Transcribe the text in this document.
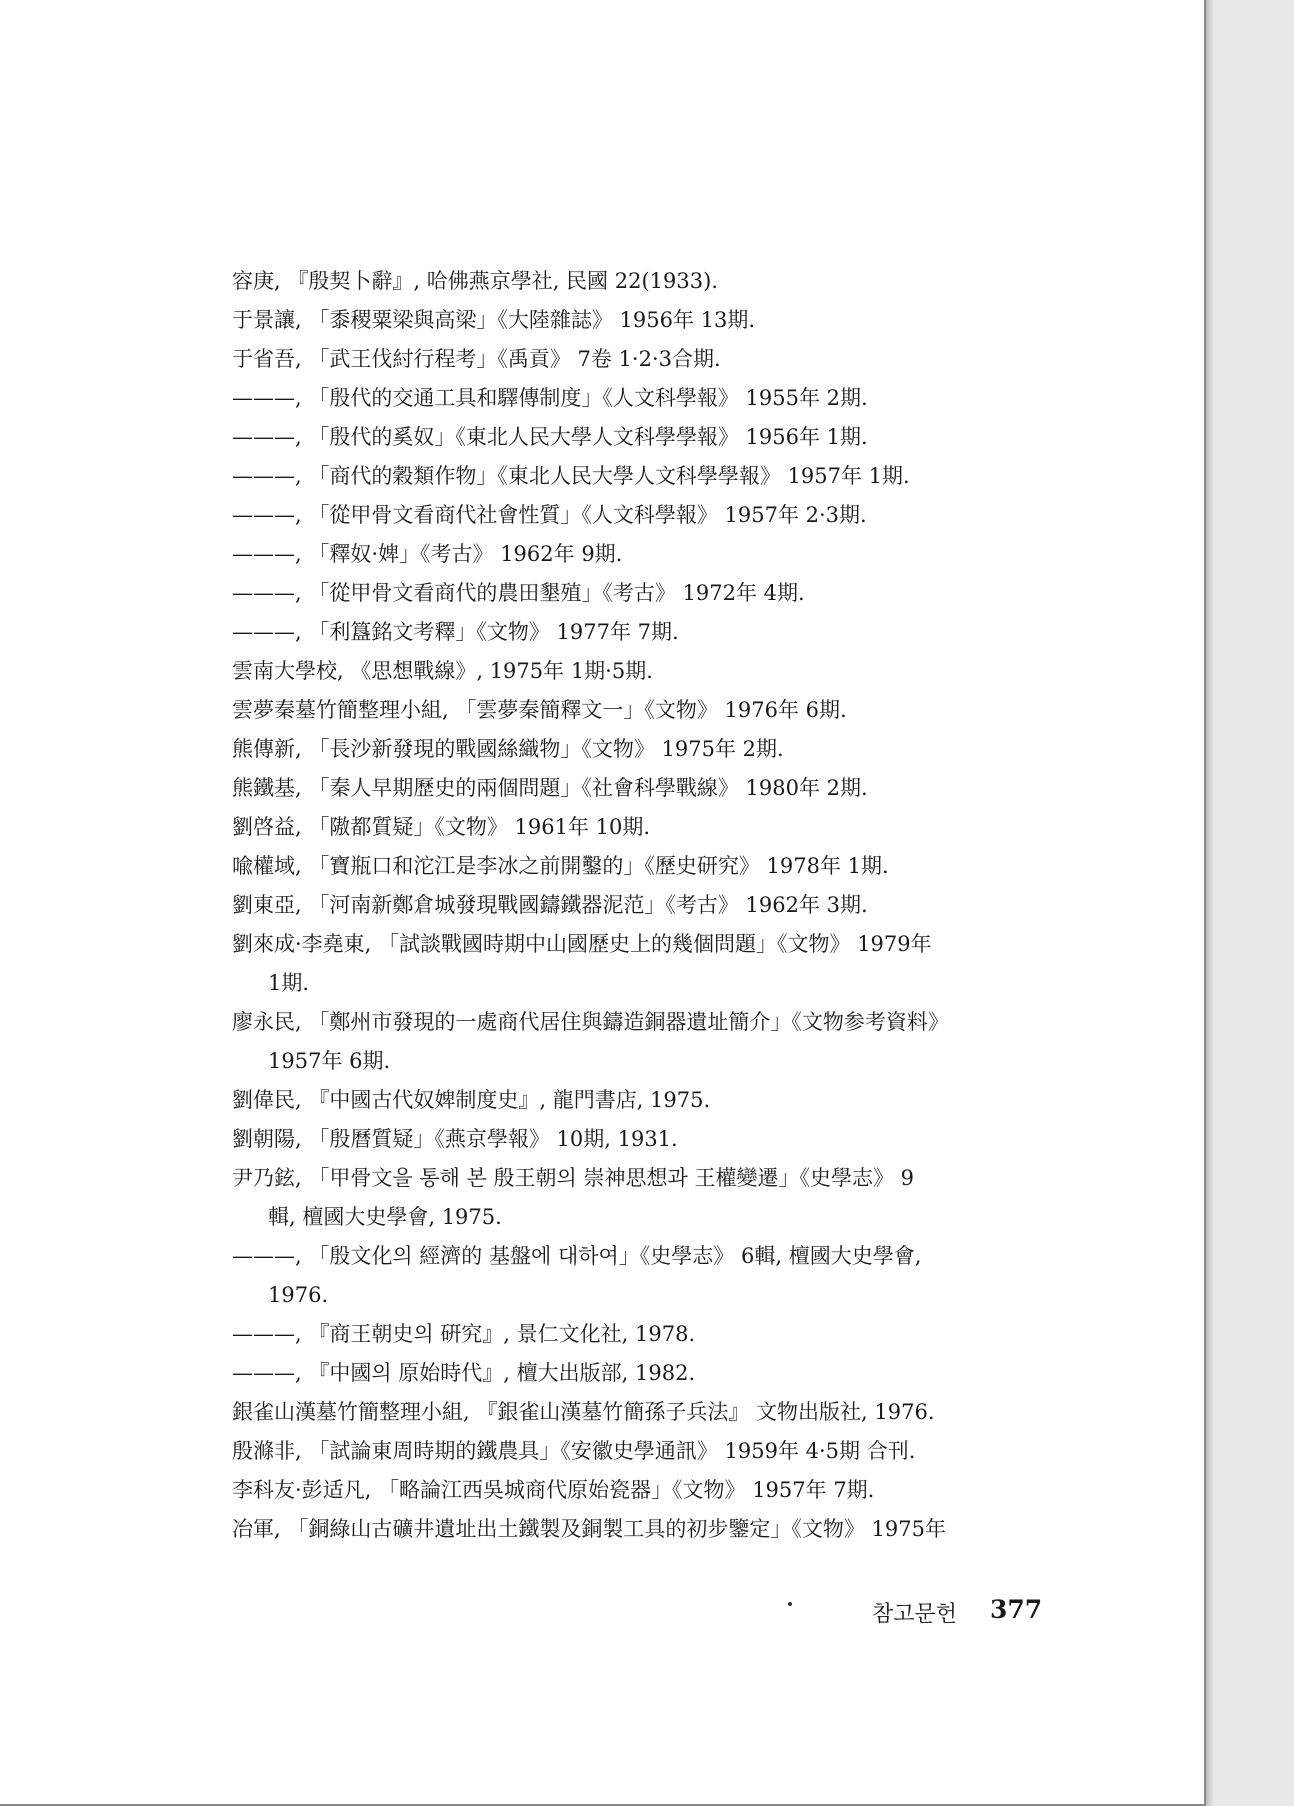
容庚, 『殷契卜辭』, 哈佛燕京學社, 民國 22(1933).
于景讓, 「黍稷粟梁與高梁」《大陸雜誌》 1956年 13期.
于省吾, 「武王伐紂行程考」《禹貢》 7卷 1·2·3合期.
———, 「殷代的交通工具和驛傳制度」《人文科學報》 1955年 2期.
———, 「殷代的奚奴」《東北人民大學人文科學學報》 1956年 1期.
———, 「商代的穀類作物」《東北人民大學人文科學學報》 1957年 1期.
———, 「從甲骨文看商代社會性質」《人文科學報》 1957年 2·3期.
———, 「釋奴·婢」《考古》 1962年 9期.
———, 「從甲骨文看商代的農田墾殖」《考古》 1972年 4期.
———, 「利簋銘文考釋」《文物》 1977年 7期.
雲南大學校, 《思想戰線》, 1975年 1期·5期.
雲夢秦墓竹簡整理小組, 「雲夢秦簡釋文一」《文物》 1976年 6期.
熊傳新, 「長沙新發現的戰國絲織物」《文物》 1975年 2期.
熊鐵基, 「秦人早期歷史的兩個問題」《社會科學戰線》 1980年 2期.
劉啓益, 「隞都質疑」《文物》 1961年 10期.
喩權域, 「寶瓶口和沱江是李冰之前開鑿的」《歷史研究》 1978年 1期.
劉東亞, 「河南新鄭倉城發現戰國鑄鐵器泥范」《考古》 1962年 3期.
劉來成·李堯東, 「試談戰國時期中山國歷史上的幾個問題」《文物》 1979年
1期.
廖永民, 「鄭州市發現的一處商代居住與鑄造銅器遺址簡介」《文物参考資料》
1957年 6期.
劉偉民, 『中國古代奴婢制度史』, 龍門書店, 1975.
劉朝陽, 「殷曆質疑」《燕京學報》 10期, 1931.
尹乃鉉, 「甲骨文을 통해 본 殷王朝의 崇神思想과 王權變遷」《史學志》 9
輯, 檀國大史學會, 1975.
———, 「殷文化의 經濟的 基盤에 대하여」《史學志》 6輯, 檀國大史學會,
1976.
———, 『商王朝史의 硏究』, 景仁文化社, 1978.
———, 『中國의 原始時代』, 檀大出版部, 1982.
銀雀山漢墓竹簡整理小組, 『銀雀山漢墓竹簡孫子兵法』 文物出版社, 1976.
殷滌非, 「試論東周時期的鐵農具」《安徽史學通訊》 1959年 4·5期 合刊.
李科友·彭适凡, 「略論江西吳城商代原始瓷器」《文物》 1957年 7期.
冶軍, 「銅綠山古礦井遺址出土鐵製及銅製工具的初步鑒定」《文物》 1975年
참고문헌 377
